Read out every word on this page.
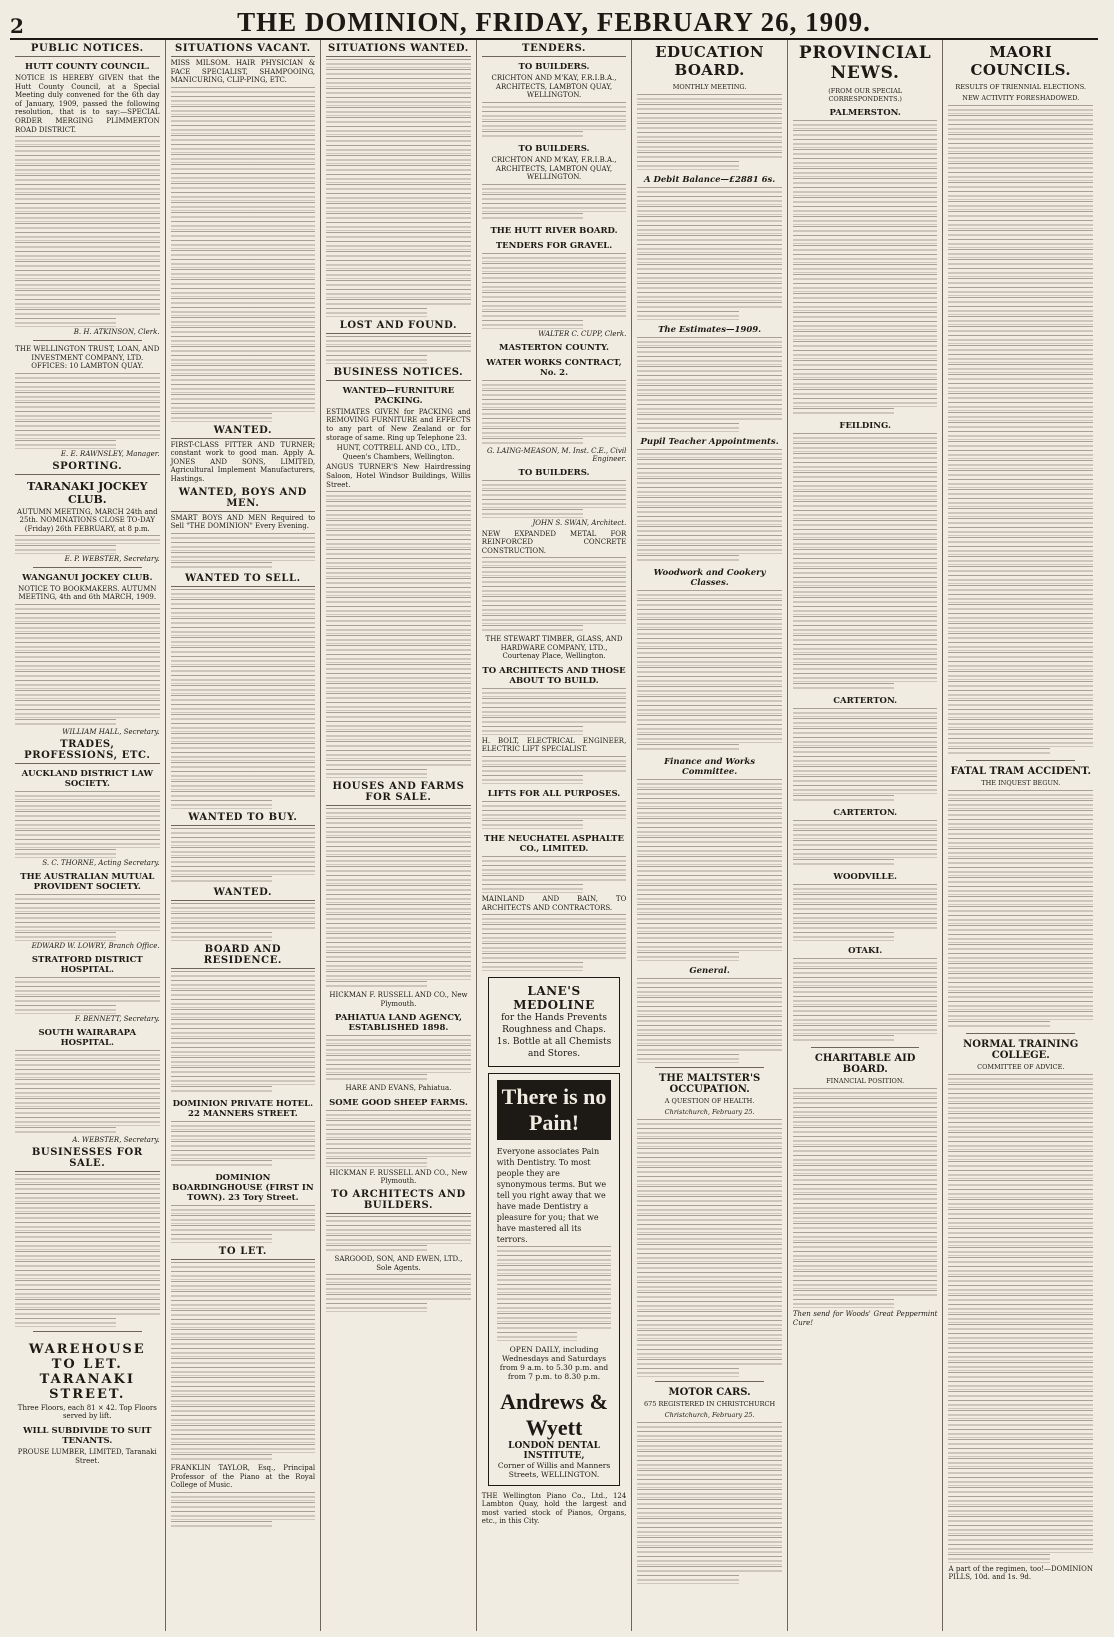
2	THE DOMINION, FRIDAY, FEBRUARY 26, 1909.
PUBLIC NOTICES.
HUTT COUNTY COUNCIL.
NOTICE IS HEREBY GIVEN that the Hutt County Council, at a Special Meeting duly convened for the 6th day of January, 1909, passed the following resolution, that is to say:—SPECIAL ORDER MERGING PLIMMERTON ROAD DISTRICT.
B. H. ATKINSON, Clerk.
THE WELLINGTON TRUST, LOAN, AND INVESTMENT COMPANY, LTD. OFFICES: 10 LAMBTON QUAY.
E. E. RAWNSLEY, Manager.
SPORTING.
TARANAKI JOCKEY CLUB.
AUTUMN MEETING, MARCH 24th and 25th. NOMINATIONS CLOSE TO-DAY (Friday) 26th FEBRUARY, at 8 p.m.
E. P. WEBSTER, Secretary.
WANGANUI JOCKEY CLUB.
NOTICE TO BOOKMAKERS. AUTUMN MEETING, 4th and 6th MARCH, 1909.
WILLIAM HALL, Secretary.
TRADES, PROFESSIONS, ETC.
AUCKLAND DISTRICT LAW SOCIETY.
S. C. THORNE, Acting Secretary.
THE AUSTRALIAN MUTUAL PROVIDENT SOCIETY.
EDWARD W. LOWRY, Branch Office.
STRATFORD DISTRICT HOSPITAL.
F. BENNETT, Secretary.
SOUTH WAIRARAPA HOSPITAL.
A. WEBSTER, Secretary.
BUSINESSES FOR SALE.
WAREHOUSE TO LET. TARANAKI STREET.
Three Floors, each 81 × 42. Top Floors served by lift.
WILL SUBDIVIDE TO SUIT TENANTS.
PROUSE LUMBER, LIMITED, Taranaki Street.
SITUATIONS VACANT.
MISS MILSOM. HAIR PHYSICIAN & FACE SPECIALIST, SHAMPOOING, MANICURING, CLIP-PING, ETC.
WANTED.
FIRST-CLASS FITTER AND TURNER; constant work to good man. Apply A. JONES AND SONS, LIMITED, Agricultural Implement Manufacturers, Hastings.
WANTED, BOYS AND MEN.
SMART BOYS AND MEN Required to Sell "THE DOMINION" Every Evening.
WANTED TO SELL.
WANTED TO BUY.
WANTED.
BOARD AND RESIDENCE.
DOMINION PRIVATE HOTEL. 22 MANNERS STREET.
DOMINION BOARDINGHOUSE (FIRST IN TOWN). 23 Tory Street.
TO LET.
FRANKLIN TAYLOR, Esq., Principal Professor of the Piano at the Royal College of Music.
SITUATIONS WANTED.
LOST AND FOUND.
BUSINESS NOTICES.
WANTED—FURNITURE PACKING.
ESTIMATES GIVEN for PACKING and REMOVING FURNITURE and EFFECTS to any part of New Zealand or for storage of same. Ring up Telephone 23.
HUNT, COTTRELL AND CO., LTD., Queen's Chambers, Wellington.
ANGUS TURNER'S New Hairdressing Saloon, Hotel Windsor Buildings, Willis Street.
HOUSES AND FARMS FOR SALE.
HICKMAN F. RUSSELL AND CO., New Plymouth.
PAHIATUA LAND AGENCY, ESTABLISHED 1898.
HARE AND EVANS, Pahiatua.
SOME GOOD SHEEP FARMS.
HICKMAN F. RUSSELL AND CO., New Plymouth.
TO ARCHITECTS AND BUILDERS.
SARGOOD, SON, AND EWEN, LTD., Sole Agents.
TENDERS.
TO BUILDERS.
CRICHTON AND M'KAY, F.R.I.B.A., ARCHITECTS, LAMBTON QUAY, WELLINGTON.
TO BUILDERS.
CRICHTON AND M'KAY, F.R.I.B.A., ARCHITECTS, LAMBTON QUAY, WELLINGTON.
THE HUTT RIVER BOARD.
TENDERS FOR GRAVEL.
WALTER C. CUPP, Clerk.
MASTERTON COUNTY.
WATER WORKS CONTRACT, No. 2.
G. LAING-MEASON, M. Inst. C.E., Civil Engineer.
TO BUILDERS.
JOHN S. SWAN, Architect.
NEW EXPANDED METAL FOR REINFORCED CONCRETE CONSTRUCTION.
THE STEWART TIMBER, GLASS, AND HARDWARE COMPANY, LTD., Courtenay Place, Wellington.
TO ARCHITECTS AND THOSE ABOUT TO BUILD.
H. BOLT, ELECTRICAL ENGINEER, ELECTRIC LIFT SPECIALIST.
LIFTS FOR ALL PURPOSES.
THE NEUCHATEL ASPHALTE CO., LIMITED.
MAINLAND AND BAIN, TO ARCHITECTS AND CONTRACTORS.
LANE'S MEDOLINE
for the Hands Prevents Roughness and Chaps. 1s. Bottle at all Chemists and Stores.
There is no Pain!
Everyone associates Pain with Dentistry. To most people they are synonymous terms. But we tell you right away that we have made Dentistry a pleasure for you; that we have mastered all its terrors.
OPEN DAILY, including Wednesdays and Saturdays from 9 a.m. to 5.30 p.m. and from 7 p.m. to 8.30 p.m.
Andrews & Wyett
LONDON DENTAL INSTITUTE,
Corner of Willis and Manners Streets, WELLINGTON.
THE Wellington Piano Co., Ltd., 124 Lambton Quay, hold the largest and most varied stock of Pianos, Organs, etc., in this City.
EDUCATION BOARD.
MONTHLY MEETING.
A Debit Balance—£2881 6s.
The Estimates—1909.
Pupil Teacher Appointments.
Woodwork and Cookery Classes.
Finance and Works Committee.
General.
THE MALTSTER'S OCCUPATION.
A QUESTION OF HEALTH.
Christchurch, February 25.
MOTOR CARS.
675 REGISTERED IN CHRISTCHURCH
Christchurch, February 25.
PROVINCIAL NEWS.
(FROM OUR SPECIAL CORRESPONDENTS.)
PALMERSTON.
FEILDING.
CARTERTON.
CARTERTON.
WOODVILLE.
OTAKI.
CHARITABLE AID BOARD.
FINANCIAL POSITION.
Then send for Woods' Great Peppermint Cure!
MAORI COUNCILS.
RESULTS OF TRIENNIAL ELECTIONS.
NEW ACTIVITY FORESHADOWED.
FATAL TRAM ACCIDENT.
THE INQUEST BEGUN.
NORMAL TRAINING COLLEGE.
COMMITTEE OF ADVICE.
A part of the regimen, too!—DOMINION PILLS, 10d. and 1s. 9d.
